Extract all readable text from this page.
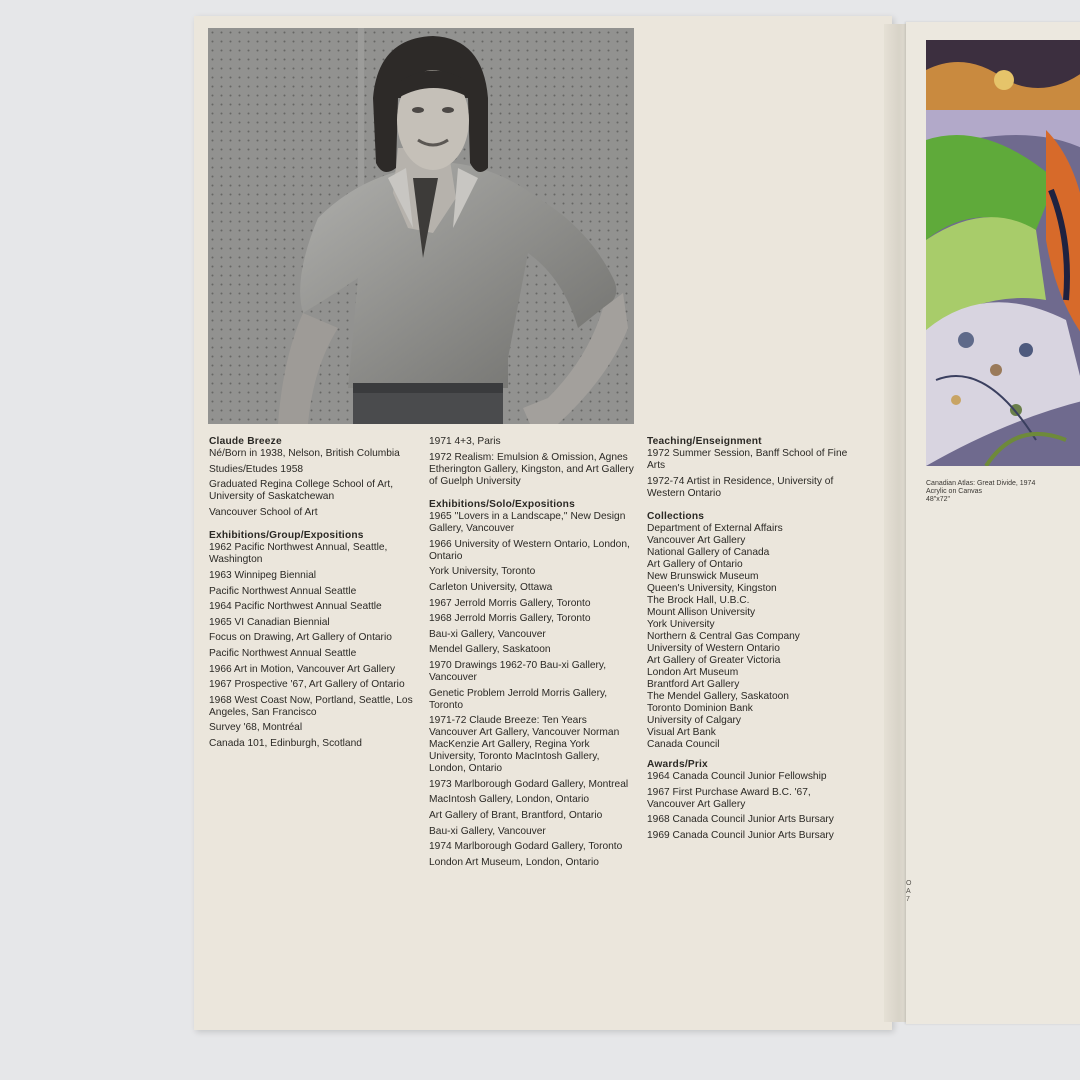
Canadian Atlas: Great Divide, 1974
Acrylic on Canvas
48"x72"
O
A
7
Claude Breeze

Né/Born in 1938, Nelson, British Columbia

Studies/Etudes 1958

Graduated Regina College School of Art, University of Saskatchewan

Vancouver School of Art

Exhibitions/Group/Expositions

1962 Pacific Northwest Annual, Seattle, Washington

1963 Winnipeg Biennial

Pacific Northwest Annual Seattle

1964 Pacific Northwest Annual Seattle

1965 VI Canadian Biennial

Focus on Drawing, Art Gallery of Ontario

Pacific Northwest Annual Seattle

1966 Art in Motion, Vancouver Art Gallery

1967 Prospective '67, Art Gallery of Ontario

1968 West Coast Now, Portland, Seattle, Los Angeles, San Francisco

Survey '68, Montréal

Canada 101, Edinburgh, Scotland

1971 4+3, Paris

1972 Realism: Emulsion & Omission, Agnes Etherington Gallery, Kingston, and Art Gallery of Guelph University

Exhibitions/Solo/Expositions

1965 ''Lovers in a Landscape,'' New Design Gallery, Vancouver

1966 University of Western Ontario, London, Ontario

York University, Toronto

Carleton University, Ottawa

1967 Jerrold Morris Gallery, Toronto

1968 Jerrold Morris Gallery, Toronto

Bau-xi Gallery, Vancouver

Mendel Gallery, Saskatoon

1970 Drawings 1962-70 Bau-xi Gallery, Vancouver

Genetic Problem Jerrold Morris Gallery, Toronto

1971-72 Claude Breeze: Ten Years Vancouver Art Gallery, Vancouver Norman MacKenzie Art Gallery, Regina York University, Toronto MacIntosh Gallery, London, Ontario

1973 Marlborough Godard Gallery, Montreal

MacIntosh Gallery, London, Ontario

Art Gallery of Brant, Brantford, Ontario

Bau-xi Gallery, Vancouver

1974 Marlborough Godard Gallery, Toronto

London Art Museum, London, Ontario

Teaching/Enseignment

1972 Summer Session, Banff School of Fine Arts

1972-74 Artist in Residence, University of Western Ontario

Collections

Department of External Affairs

Vancouver Art Gallery

National Gallery of Canada

Art Gallery of Ontario

New Brunswick Museum

Queen's University, Kingston

The Brock Hall, U.B.C.

Mount Allison University

York University

Northern & Central Gas Company

University of Western Ontario

Art Gallery of Greater Victoria

London Art Museum

Brantford Art Gallery

The Mendel Gallery, Saskatoon

Toronto Dominion Bank

University of Calgary

Visual Art Bank

Canada Council

Awards/Prix

1964 Canada Council Junior Fellowship

1967 First Purchase Award B.C. '67, Vancouver Art Gallery

1968 Canada Council Junior Arts Bursary

1969 Canada Council Junior Arts Bursary
